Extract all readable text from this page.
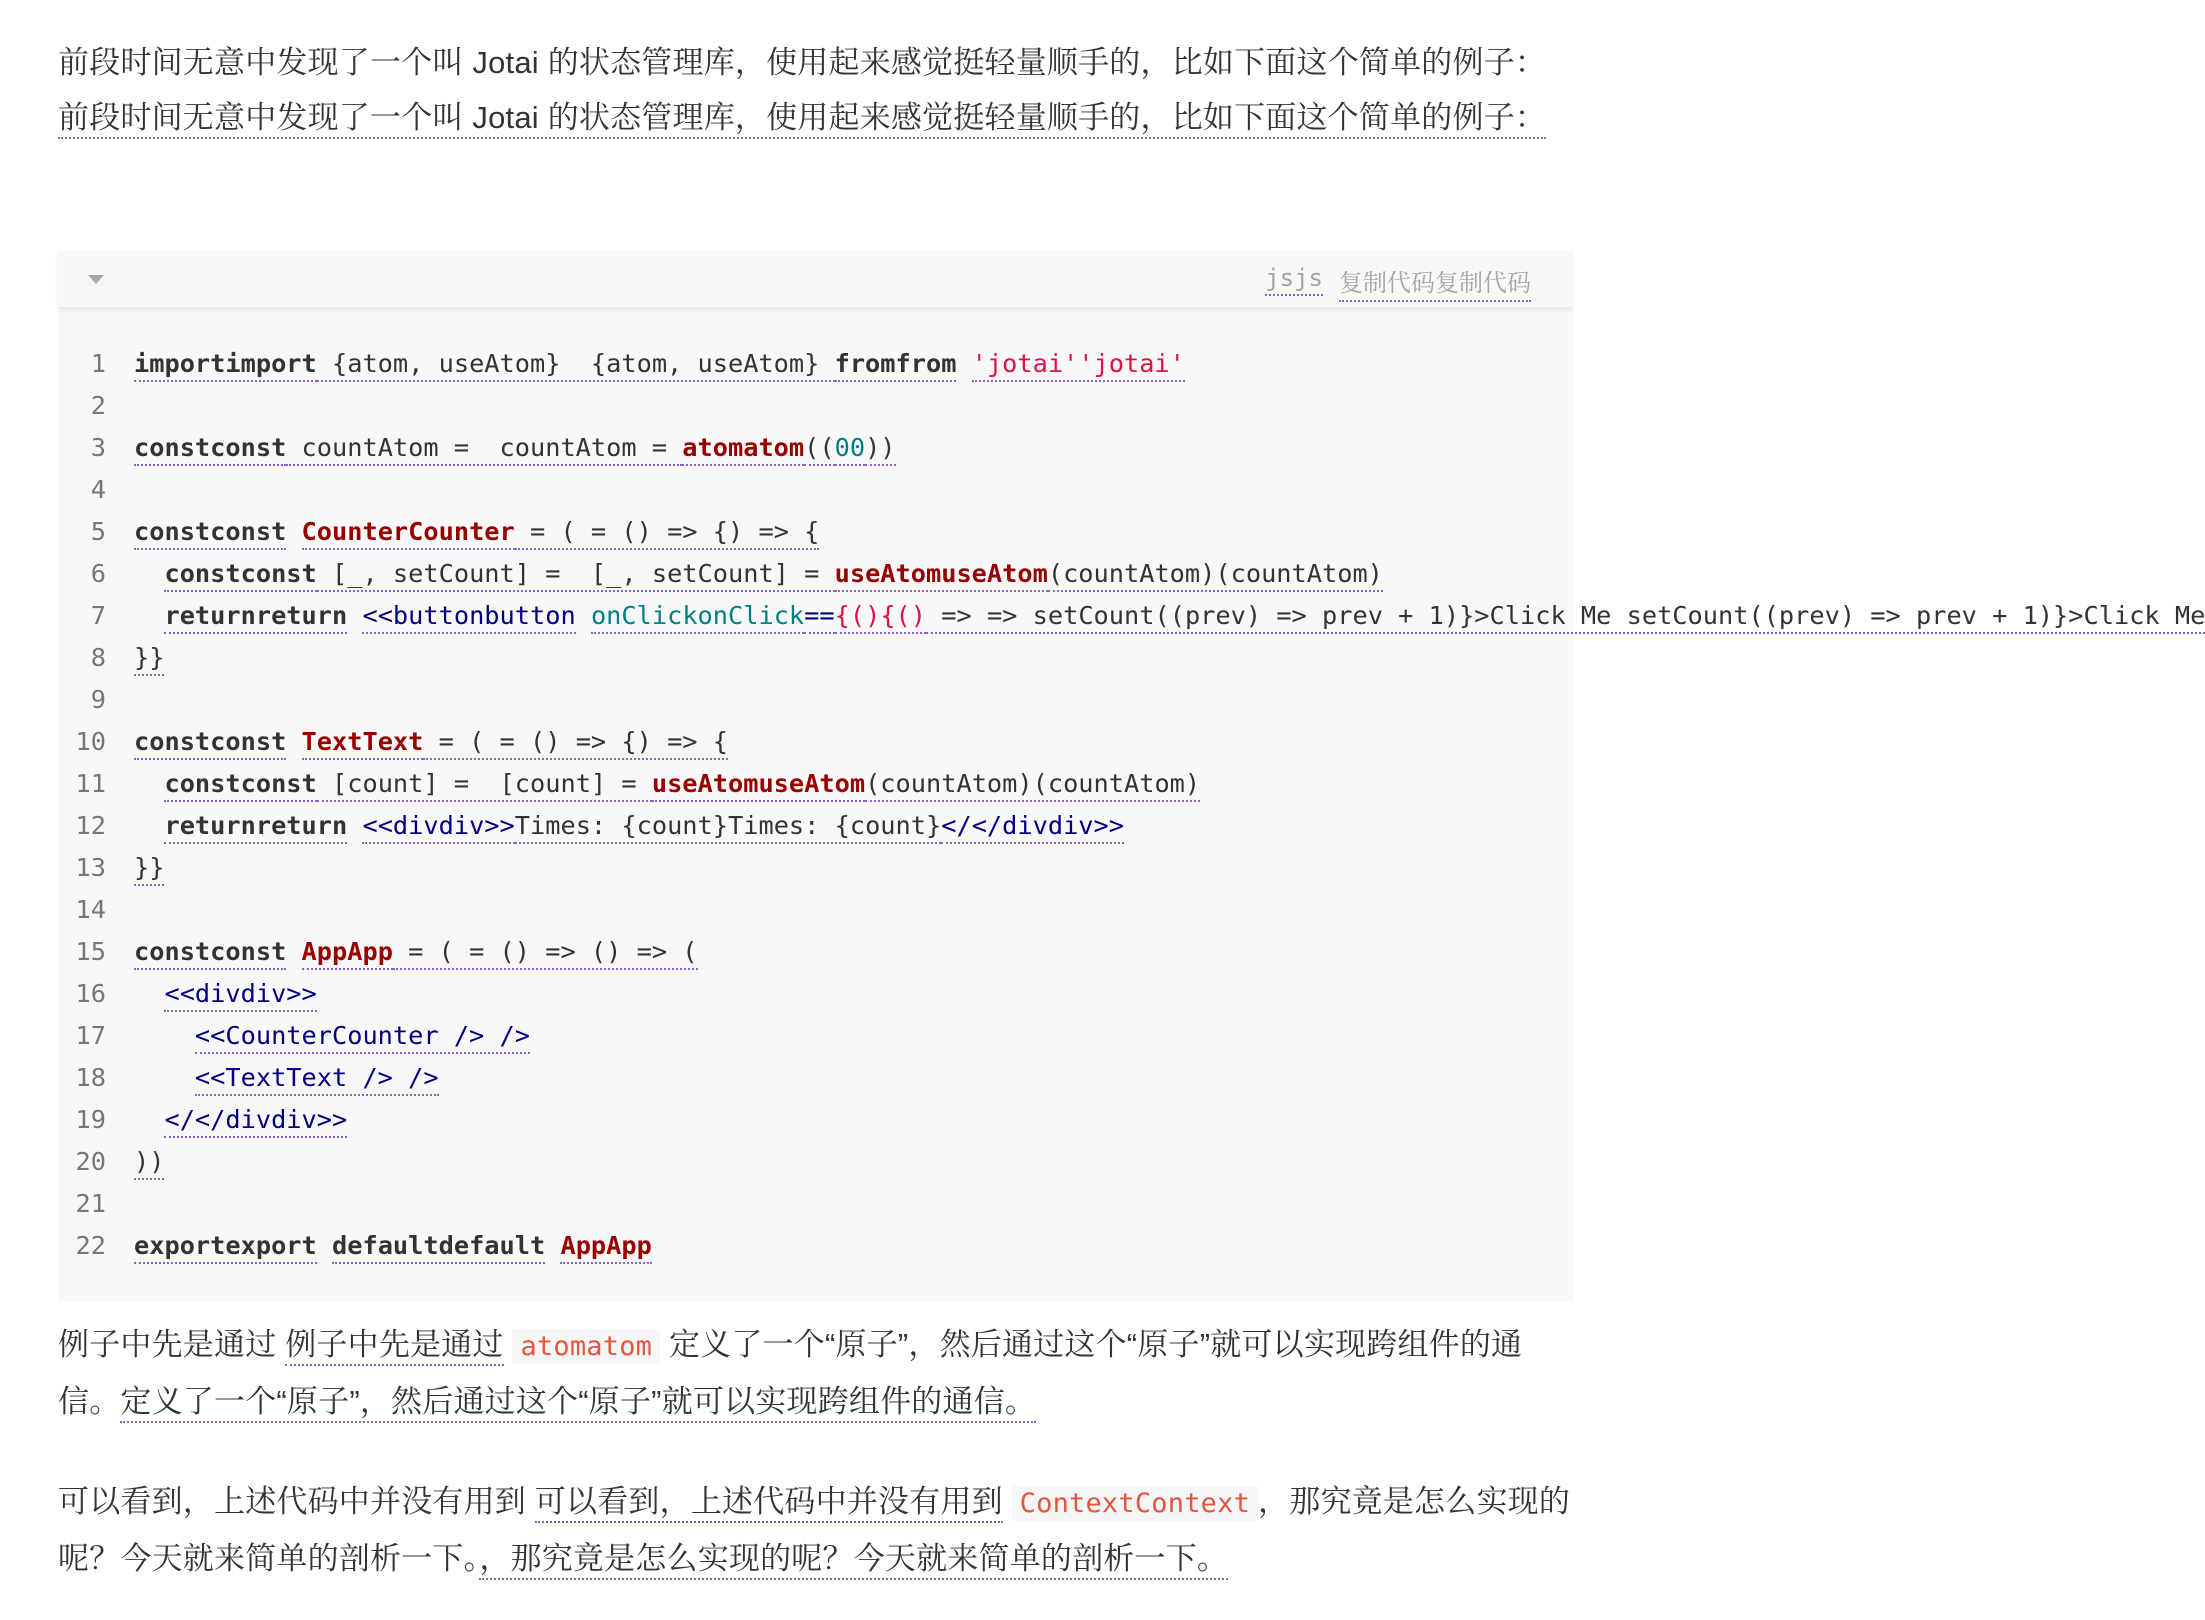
前段时间无意中发现了一个叫 Jotai 的状态管理库，使用起来感觉挺轻量顺手的，比如下面这个简单的例子：前段时间无意中发现了一个叫 Jotai 的状态管理库，使用起来感觉挺轻量顺手的，比如下面这个简单的例子：

jsjs 复制代码复制代码
1 importimport {atom, useAtom}  {atom, useAtom} fromfrom 'jotai''jotai'
2
3 constconst countAtom =  countAtom = atomatom((00))
4
5 constconst CounterCounter = ( = () => {) => {
6	constconst [_, setCount] =  [_, setCount] = useAtomuseAtom(countAtom)(countAtom)
7	returnreturn <<buttonbutton onClickonClick=={(){() => => setCount((prev) => prev + 1)}>Click Me setCount((prev) => prev + 1)}>Click Me
8 }}
9
10 constconst TextText = ( = () => {) => {
11	constconst [count] =  [count] = useAtomuseAtom(countAtom)(countAtom)
12	returnreturn <<divdiv>>Times: {count}Times: {count}</</divdiv>>
13 }}
14
15 constconst AppApp = ( = () => () => (
16	<<divdiv>>
17	<<CounterCounter /> />
18	<<TextText /> />
19	</</divdiv>>
20 ))
21
22 exportexport defaultdefault AppApp

例子中先是通过 例子中先是通过 atomatom 定义了一个“原子”，然后通过这个“原子”就可以实现跨组件的通信。定义了一个“原子”，然后通过这个“原子”就可以实现跨组件的通信。

可以看到，上述代码中并没有用到 可以看到，上述代码中并没有用到 ContextContext ，那究竟是怎么实现的呢？今天就来简单的剖析一下。，那究竟是怎么实现的呢？今天就来简单的剖析一下。
